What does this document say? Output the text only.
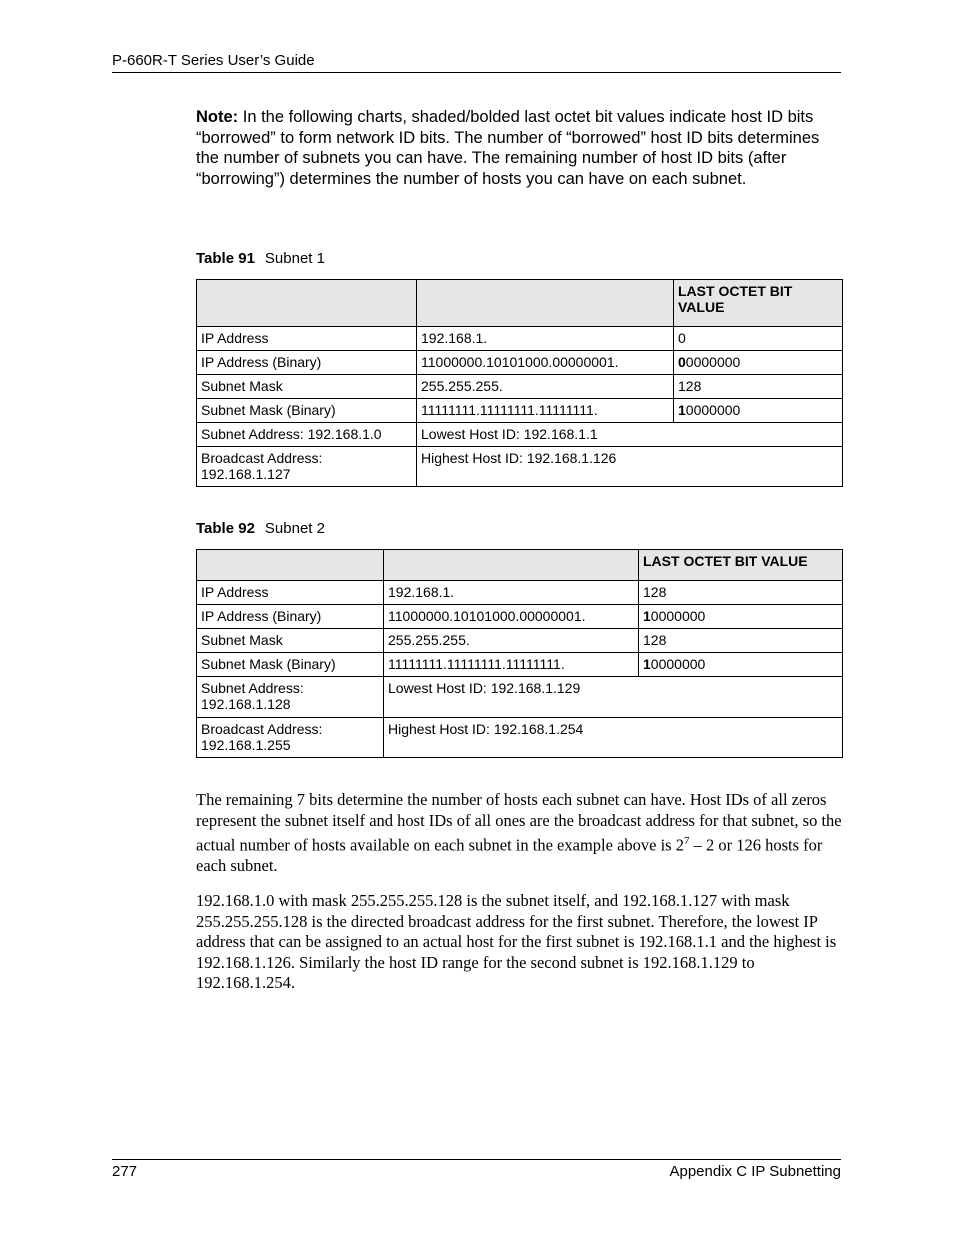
P-660R-T Series User’s Guide
Note: In the following charts, shaded/bolded last octet bit values indicate host ID bits “borrowed” to form network ID bits. The number of “borrowed” host ID bits determines the number of subnets you can have. The remaining number of host ID bits (after “borrowing”) determines the number of hosts you can have on each subnet.
Table 91 Subnet 1
		LAST OCTET BIT VALUE
IP Address	192.168.1.	0
IP Address (Binary)	11000000.10101000.00000001.	00000000
Subnet Mask	255.255.255.	128
Subnet Mask (Binary)	11111111.11111111.11111111.	10000000
Subnet Address: 192.168.1.0	Lowest Host ID: 192.168.1.1	
Broadcast Address: 192.168.1.127	Highest Host ID: 192.168.1.126	
Table 92 Subnet 2
		LAST OCTET BIT VALUE
IP Address	192.168.1.	128
IP Address (Binary)	11000000.10101000.00000001.	10000000
Subnet Mask	255.255.255.	128
Subnet Mask (Binary)	11111111.11111111.11111111.	10000000
Subnet Address: 192.168.1.128	Lowest Host ID: 192.168.1.129	
Broadcast Address: 192.168.1.255	Highest Host ID: 192.168.1.254	
The remaining 7 bits determine the number of hosts each subnet can have. Host IDs of all zeros represent the subnet itself and host IDs of all ones are the broadcast address for that subnet, so the actual number of hosts available on each subnet in the example above is $2^7 - 2$ or 126 hosts for each subnet.
192.168.1.0 with mask 255.255.255.128 is the subnet itself, and 192.168.1.127 with mask 255.255.255.128 is the directed broadcast address for the first subnet. Therefore, the lowest IP address that can be assigned to an actual host for the first subnet is 192.168.1.1 and the highest is 192.168.1.126. Similarly the host ID range for the second subnet is 192.168.1.129 to 192.168.1.254.
277	Appendix C IP Subnetting
